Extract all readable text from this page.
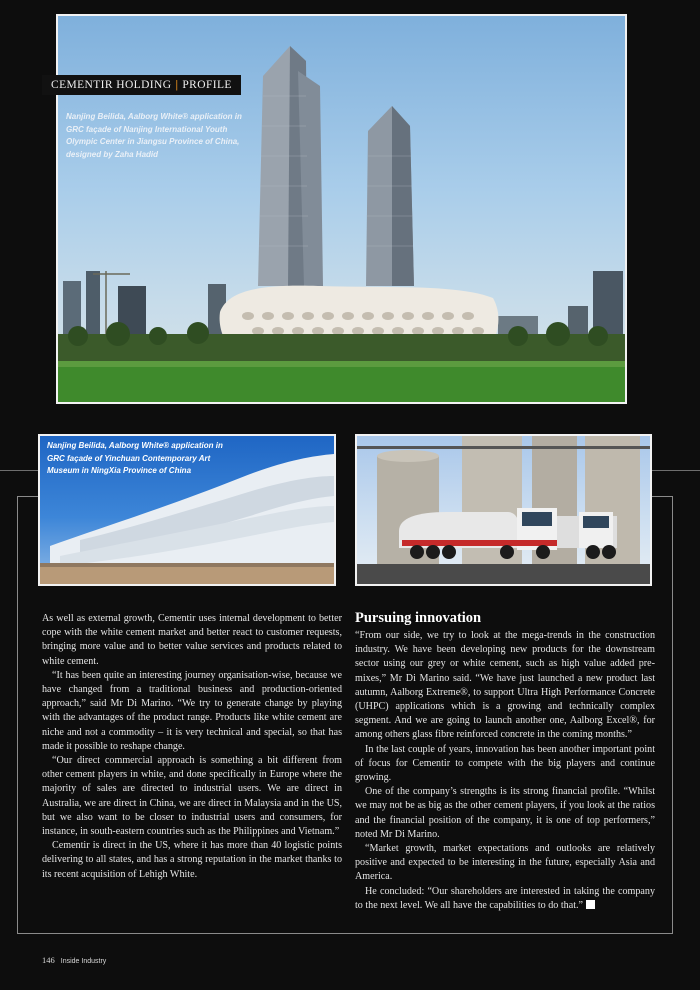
CEMENTIR HOLDING | PROFILE
Nanjing Beilida, Aalborg White® application in GRC façade of Nanjing International Youth Olympic Center in Jiangsu Province of China, designed by Zaha Hadid
Nanjing Beilida, Aalborg White® application in GRC façade of Yinchuan Contemporary Art Museum in NingXia Province of China

As well as external growth, Cementir uses internal development to better cope with the white cement market and better react to customer requests, bringing more value and to better value services and products related to white cement.

“It has been quite an interesting journey organisation-wise, because we have changed from a traditional business and production-oriented approach,” said Mr Di Marino. “We try to generate change by playing with the advantages of the product range. Products like white cement are niche and not a commodity – it is very technical and special, so that has made it possible to reshape change.

“Our direct commercial approach is something a bit different from other cement players in white, and done specifically in Europe where the majority of sales are directed to industrial users. We are direct in Australia, we are direct in China, we are direct in Malaysia and in the US, but we also want to be closer to industrial users and consumers, for instance, in south-eastern countries such as the Philippines and Vietnam.”

Cementir is direct in the US, where it has more than 40 logistic points delivering to all states, and has a strong reputation in the market thanks to its recent acquisition of Lehigh White.

Pursuing innovation

“From our side, we try to look at the mega-trends in the construction industry. We have been developing new products for the downstream sector using our grey or white cement, such as high value added pre-mixes,” Mr Di Marino said. “We have just launched a new product last autumn, Aalborg Extreme®, to support Ultra High Performance Concrete (UHPC) applications which is a growing and technically complex segment. And we are going to launch another one, Aalborg Excel®, for among others glass fibre reinforced concrete in the coming months.”

In the last couple of years, innovation has been another important point of focus for Cementir to compete with the big players and continue growing.

One of the company’s strengths is its strong financial profile. “Whilst we may not be as big as the other cement players, if you look at the ratios and the financial position of the company, it is one of top performers,” noted Mr Di Marino.

“Market growth, market expectations and outlooks are relatively positive and expected to be interesting in the future, especially Asia and America.

He concluded: “Our shareholders are interested in taking the company to the next level. We all have the capabilities to do that.”

146 Inside Industry
